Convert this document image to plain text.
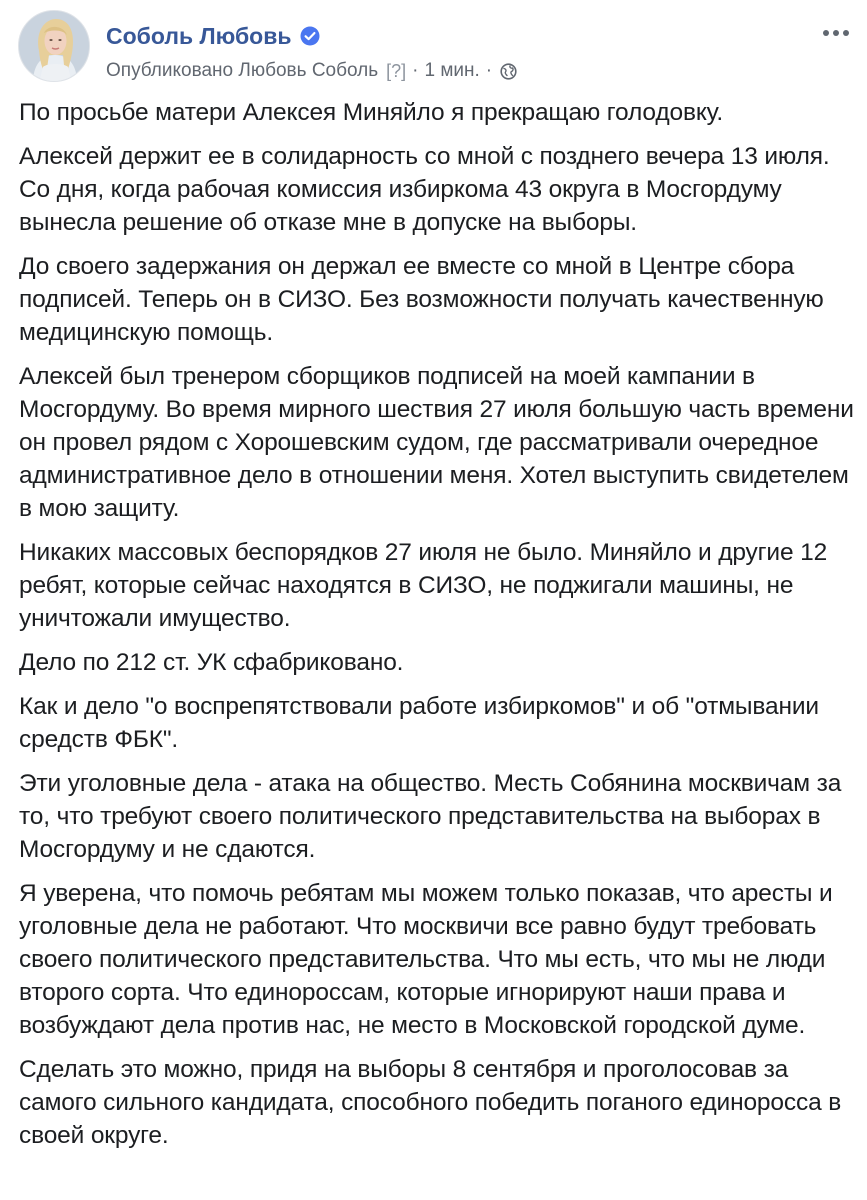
Соболь Любовь
Опубликовано Любовь Соболь [?] · 1 мин. ·

По просьбе матери Алексея Миняйло я прекращаю голодовку.

Алексей держит ее в солидарность со мной с позднего вечера 13 июля. Со дня, когда рабочая комиссия избиркома 43 округа в Мосгордуму вынесла решение об отказе мне в допуске на выборы.

До своего задержания он держал ее вместе со мной в Центре сбора подписей. Теперь он в СИЗО. Без возможности получать качественную медицинскую помощь.

Алексей был тренером сборщиков подписей на моей кампании в Мосгордуму. Во время мирного шествия 27 июля большую часть времени он провел рядом с Хорошевским судом, где рассматривали очередное административное дело в отношении меня. Хотел выступить свидетелем в мою защиту.

Никаких массовых беспорядков 27 июля не было. Миняйло и другие 12 ребят, которые сейчас находятся в СИЗО, не поджигали машины, не уничтожали имущество.

Дело по 212 ст. УК сфабриковано.

Как и дело "о воспрепятствовали работе избиркомов" и об "отмывании средств ФБК".

Эти уголовные дела - атака на общество. Месть Собянина москвичам за то, что требуют своего политического представительства на выборах в Мосгордуму и не сдаются.

Я уверена, что помочь ребятам мы можем только показав, что аресты и уголовные дела не работают. Что москвичи все равно будут требовать своего политического представительства. Что мы есть, что мы не люди второго сорта. Что единороссам, которые игнорируют наши права и возбуждают дела против нас, не место в Московской городской думе.

Сделать это можно, придя на выборы 8 сентября и проголосовав за самого сильного кандидата, способного победить поганого единоросса в своей округе.
